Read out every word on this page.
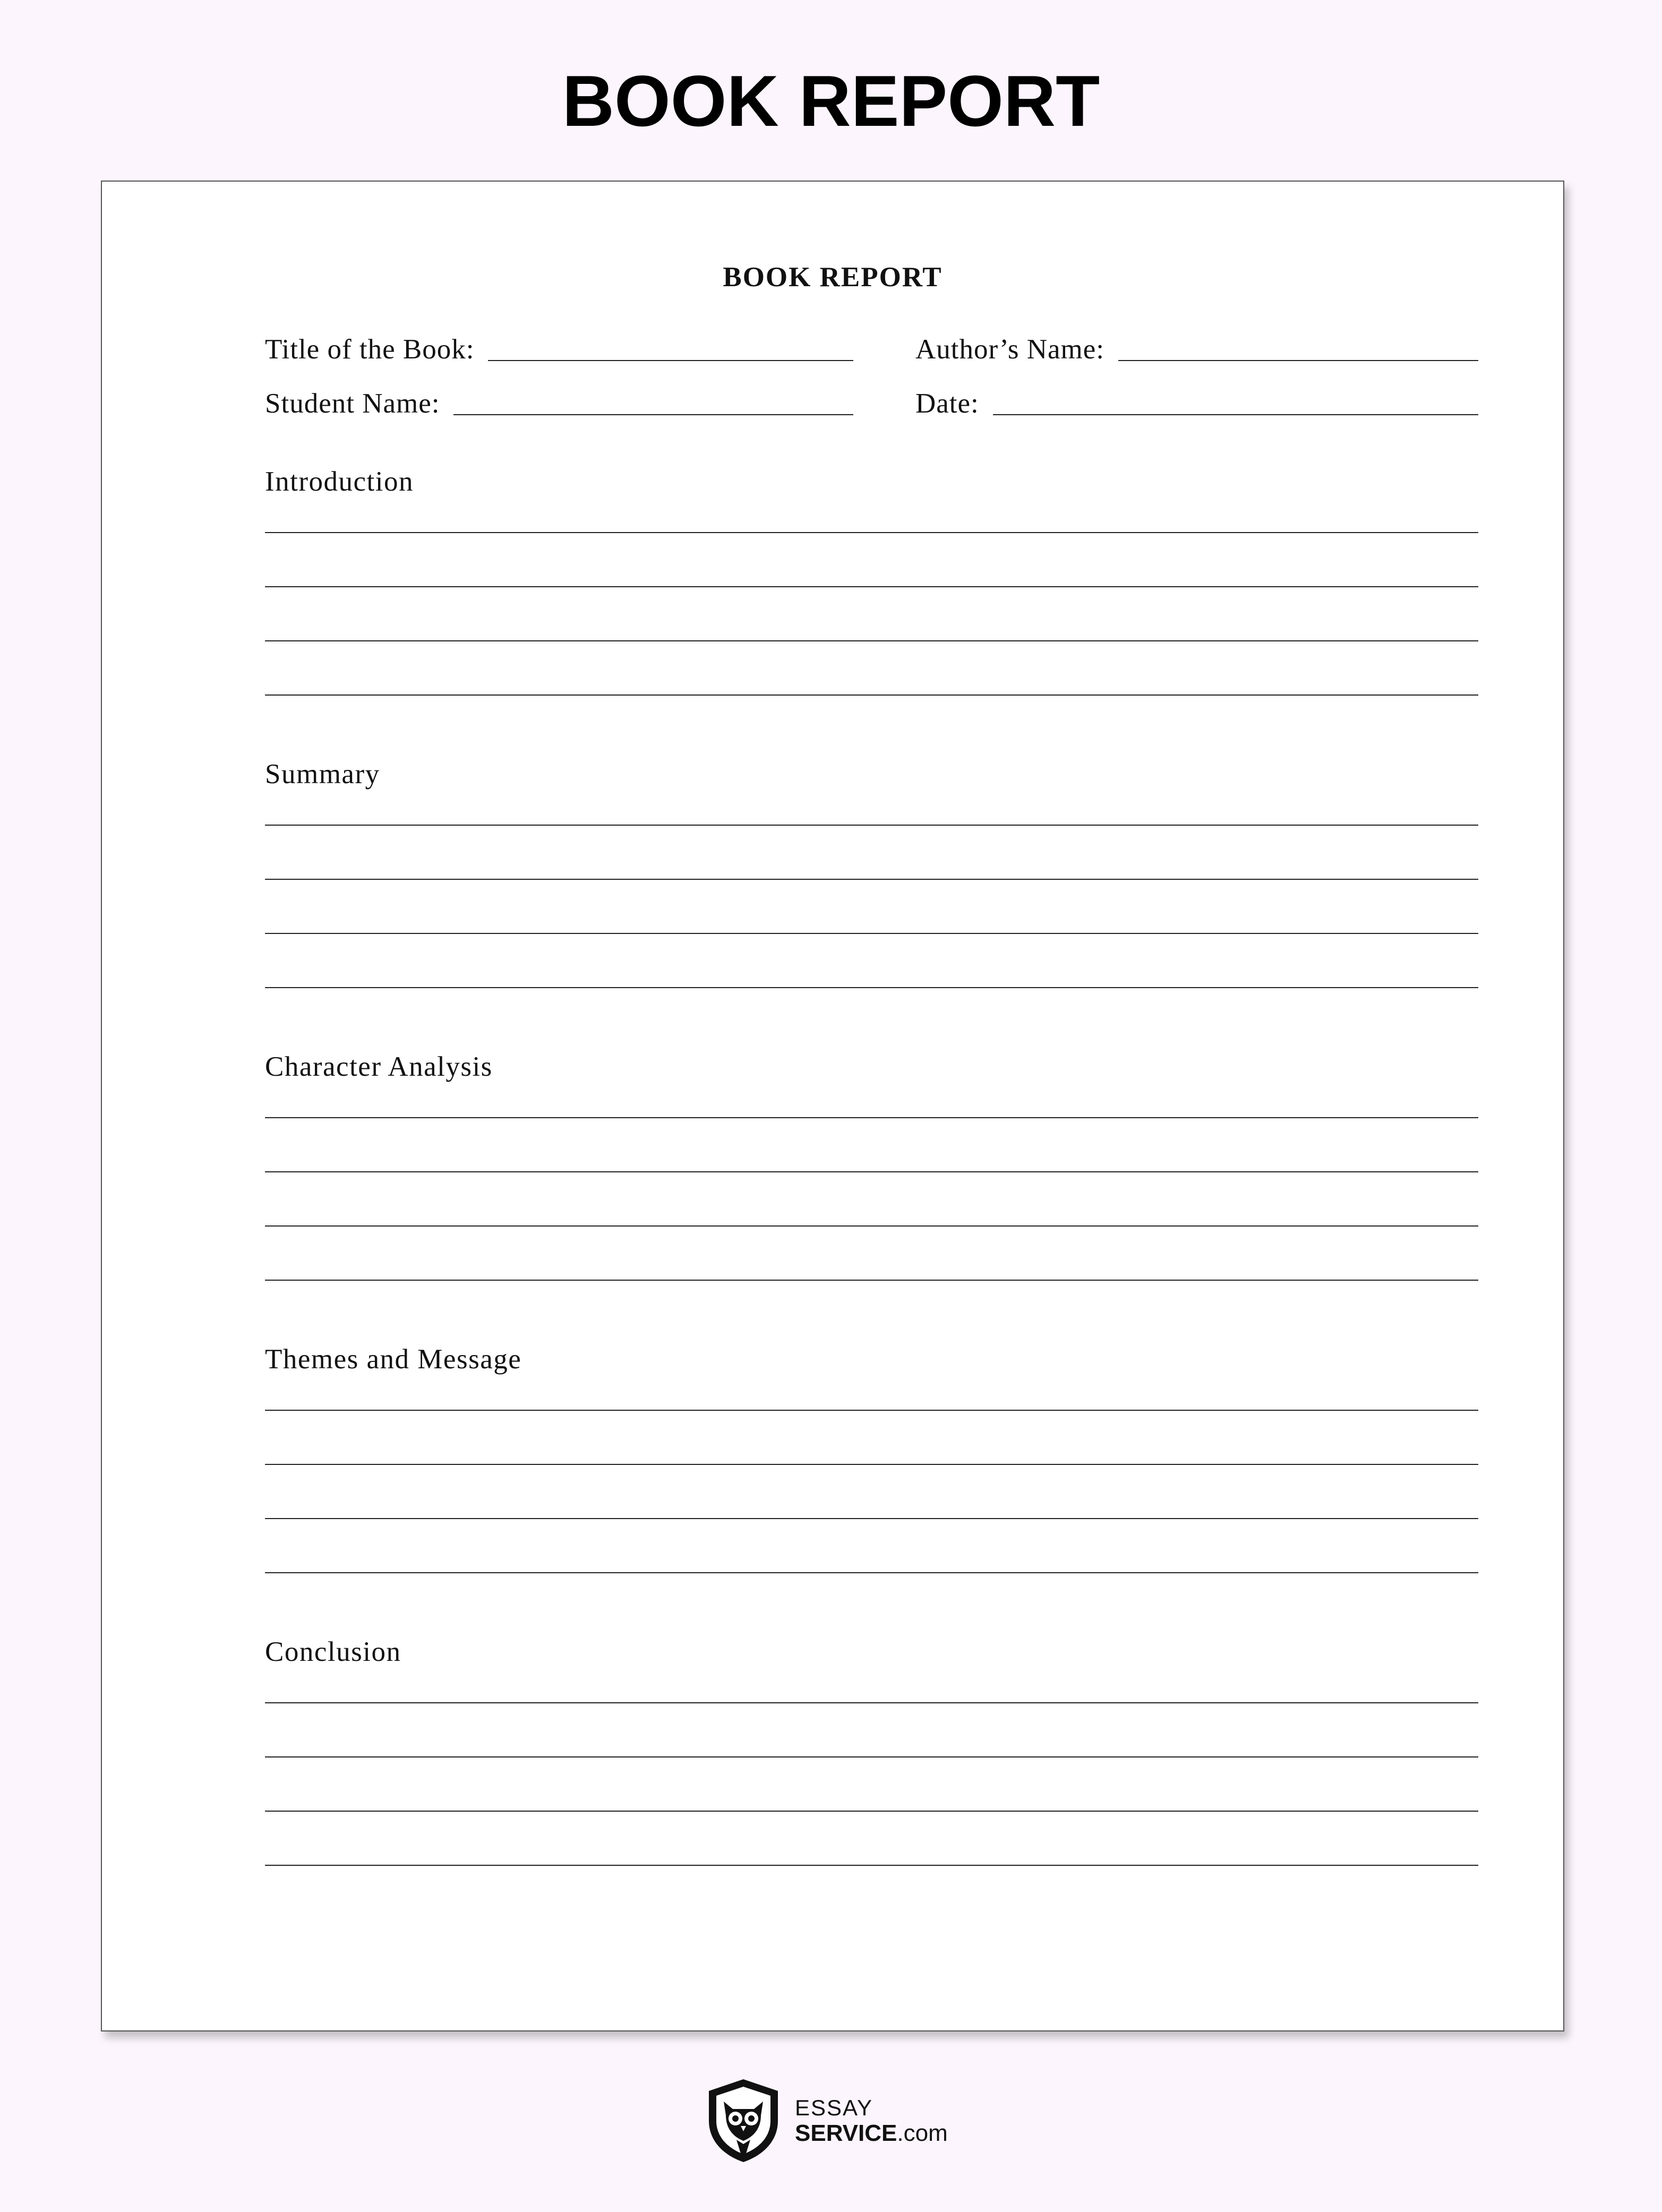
BOOK REPORT
BOOK REPORT
Title of the Book:	Author’s Name:
Student Name:	Date:
Introduction
Summary
Character Analysis
Themes and Message
Conclusion
ESSAY
SERVICE.com
